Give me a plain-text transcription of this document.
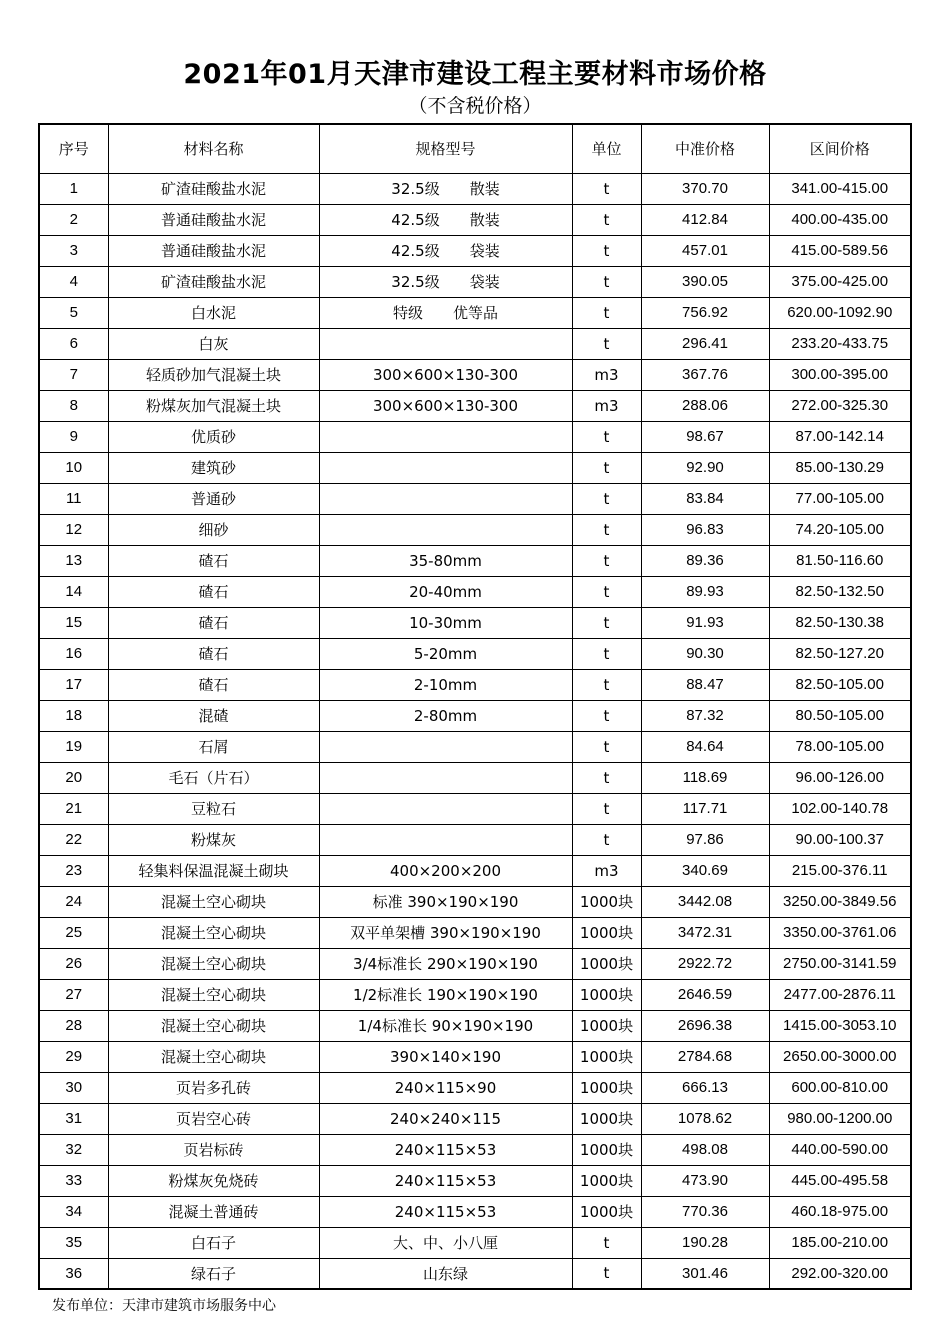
2021年01月天津市建设工程主要材料市场价格
（不含税价格）
序号	材料名称	规格型号	单位	中准价格	区间价格
1	矿渣硅酸盐水泥	32.5级　　散装	t	370.70	341.00-415.00
2	普通硅酸盐水泥	42.5级　　散装	t	412.84	400.00-435.00
3	普通硅酸盐水泥	42.5级　　袋装	t	457.01	415.00-589.56
4	矿渣硅酸盐水泥	32.5级　　袋装	t	390.05	375.00-425.00
5	白水泥	特级　　优等品	t	756.92	620.00-1092.90
6	白灰		t	296.41	233.20-433.75
7	轻质砂加气混凝土块	300×600×130-300	m3	367.76	300.00-395.00
8	粉煤灰加气混凝土块	300×600×130-300	m3	288.06	272.00-325.30
9	优质砂		t	98.67	87.00-142.14
10	建筑砂		t	92.90	85.00-130.29
11	普通砂		t	83.84	77.00-105.00
12	细砂		t	96.83	74.20-105.00
13	碴石	35-80mm	t	89.36	81.50-116.60
14	碴石	20-40mm	t	89.93	82.50-132.50
15	碴石	10-30mm	t	91.93	82.50-130.38
16	碴石	5-20mm	t	90.30	82.50-127.20
17	碴石	2-10mm	t	88.47	82.50-105.00
18	混碴	2-80mm	t	87.32	80.50-105.00
19	石屑		t	84.64	78.00-105.00
20	毛石（片石）		t	118.69	96.00-126.00
21	豆粒石		t	117.71	102.00-140.78
22	粉煤灰		t	97.86	90.00-100.37
23	轻集料保温混凝土砌块	400×200×200	m3	340.69	215.00-376.11
24	混凝土空心砌块	标准 390×190×190	1000块	3442.08	3250.00-3849.56
25	混凝土空心砌块	双平单架槽 390×190×190	1000块	3472.31	3350.00-3761.06
26	混凝土空心砌块	3/4标准长 290×190×190	1000块	2922.72	2750.00-3141.59
27	混凝土空心砌块	1/2标准长 190×190×190	1000块	2646.59	2477.00-2876.11
28	混凝土空心砌块	1/4标准长 90×190×190	1000块	2696.38	1415.00-3053.10
29	混凝土空心砌块	390×140×190	1000块	2784.68	2650.00-3000.00
30	页岩多孔砖	240×115×90	1000块	666.13	600.00-810.00
31	页岩空心砖	240×240×115	1000块	1078.62	980.00-1200.00
32	页岩标砖	240×115×53	1000块	498.08	440.00-590.00
33	粉煤灰免烧砖	240×115×53	1000块	473.90	445.00-495.58
34	混凝土普通砖	240×115×53	1000块	770.36	460.18-975.00
35	白石子	大、中、小八厘	t	190.28	185.00-210.00
36	绿石子	山东绿	t	301.46	292.00-320.00
发布单位：天津市建筑市场服务中心
